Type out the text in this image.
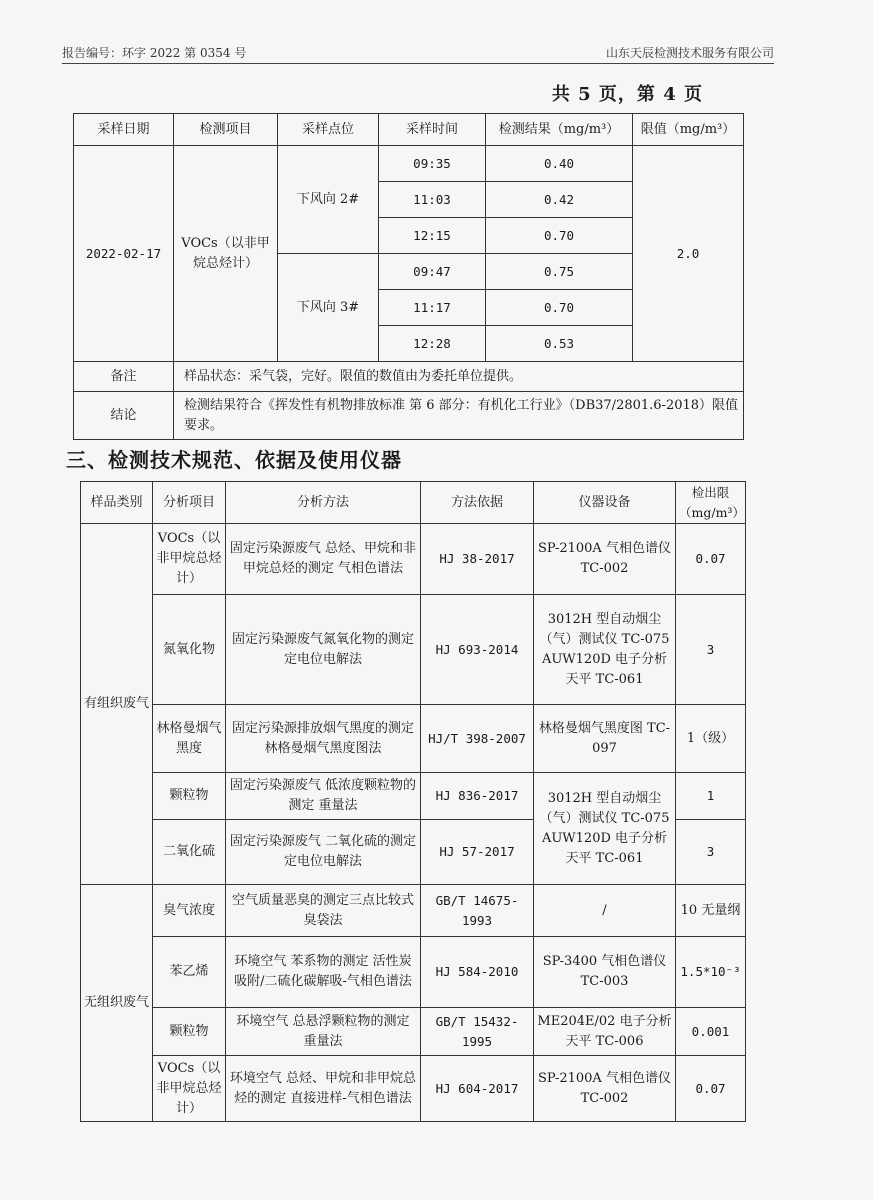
报告编号：环字 2022 第 0354 号	山东天辰检测技术服务有限公司
共 5 页，第 4 页
采样日期	检测项目	采样点位	采样时间	检测结果（mg/m³）	限值（mg/m³）
2022-02-17	VOCs（以非甲烷总烃计）	下风向 2#	09:35	0.40	2.0
			11:03	0.42	
			12:15	0.70	
		下风向 3#	09:47	0.75	
			11:17	0.70	
			12:28	0.53	
备注	样品状态：采气袋，完好。限值的数值由为委托单位提供。				
结论	检测结果符合《挥发性有机物排放标准 第 6 部分：有机化工行业》（DB37/2801.6-2018）限值要求。				
三、检测技术规范、依据及使用仪器
样品类别	分析项目	分析方法	方法依据	仪器设备	检出限（mg/m³）
有组织废气	VOCs（以非甲烷总烃计）	固定污染源废气 总烃、甲烷和非甲烷总烃的测定 气相色谱法	HJ 38-2017	SP-2100A 气相色谱仪 TC-002	0.07
	氮氧化物	固定污染源废气氮氧化物的测定 定电位电解法	HJ 693-2014	3012H 型自动烟尘（气）测试仪 TC-075 AUW120D 电子分析天平 TC-061	3
	林格曼烟气黑度	固定污染源排放烟气黑度的测定 林格曼烟气黑度图法	HJ/T 398-2007	林格曼烟气黑度图 TC-097	1（级）
	颗粒物	固定污染源废气 低浓度颗粒物的测定 重量法	HJ 836-2017	3012H 型自动烟尘（气）测试仪 TC-075 AUW120D 电子分析天平 TC-061	1
	二氧化硫	固定污染源废气 二氧化硫的测定 定电位电解法	HJ 57-2017		3
无组织废气	臭气浓度	空气质量恶臭的测定三点比较式臭袋法	GB/T 14675-1993	/	10 无量纲
	苯乙烯	环境空气 苯系物的测定 活性炭吸附/二硫化碳解吸-气相色谱法	HJ 584-2010	SP-3400 气相色谱仪 TC-003	1.5*10⁻³
	颗粒物	环境空气 总悬浮颗粒物的测定 重量法	GB/T 15432-1995	ME204E/02 电子分析天平 TC-006	0.001
	VOCs（以非甲烷总烃计）	环境空气 总烃、甲烷和非甲烷总烃的测定 直接进样-气相色谱法	HJ 604-2017	SP-2100A 气相色谱仪 TC-002	0.07
